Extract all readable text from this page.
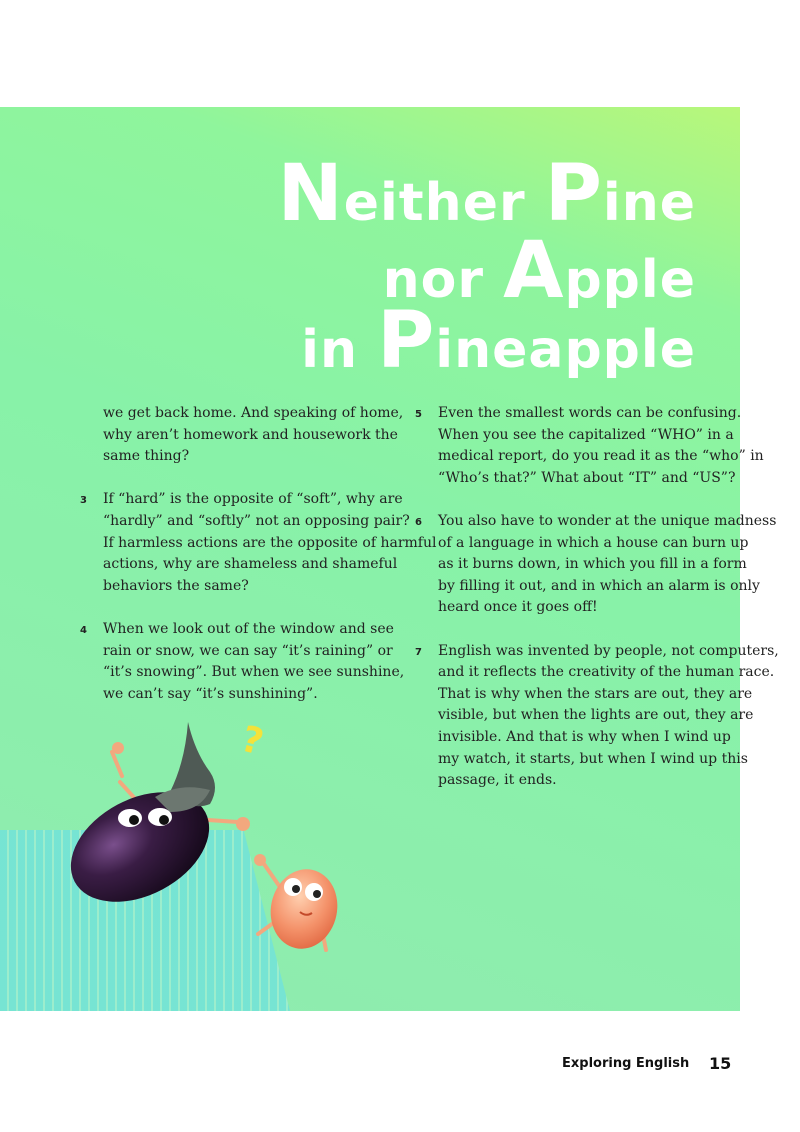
Neither Pine
nor Apple
in Pineapple
we get back home. And speaking of home,
why aren’t homework and housework the
same thing?
3 If “hard” is the opposite of “soft”, why are
“hardly” and “softly” not an opposing pair?
If harmless actions are the opposite of harmful
actions, why are shameless and shameful
behaviors the same?
4 When we look out of the window and see
rain or snow, we can say “it’s raining” or
“it’s snowing”. But when we see sunshine,
we can’t say “it’s sunshining”.
5 Even the smallest words can be confusing.
When you see the capitalized “WHO” in a
medical report, do you read it as the “who” in
“Who’s that?” What about “IT” and “US”?
6 You also have to wonder at the unique madness
of a language in which a house can burn up
as it burns down, in which you fill in a form
by filling it out, and in which an alarm is only
heard once it goes off!
7 English was invented by people, not computers,
and it reflects the creativity of the human race.
That is why when the stars are out, they are
visible, but when the lights are out, they are
invisible. And that is why when I wind up
my watch, it starts, but when I wind up this
passage, it ends.
?
Exploring English 15
